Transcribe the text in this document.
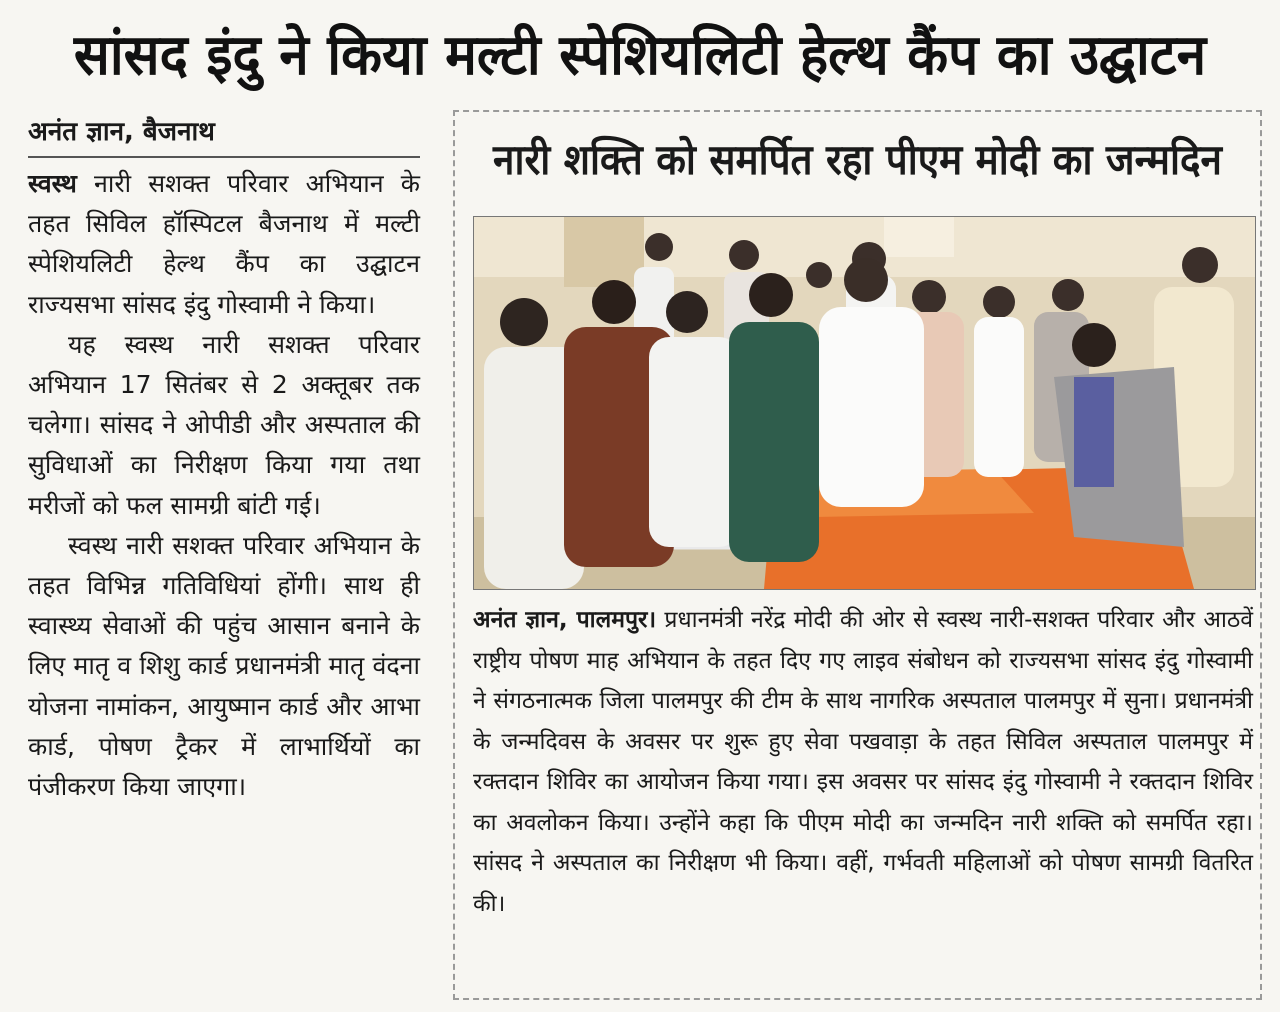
सांसद इंदु ने किया मल्टी स्पेशियलिटी हेल्थ कैंप का उद्घाटन
अनंत ज्ञान, बैजनाथ

स्वस्थ नारी सशक्त परिवार अभियान के तहत सिविल हॉस्पिटल बैजनाथ में मल्टी स्पेशियलिटी हेल्थ कैंप का उद्घाटन राज्यसभा सांसद इंदु गोस्वामी ने किया।

यह स्वस्थ नारी सशक्त परिवार अभियान 17 सितंबर से 2 अक्तूबर तक चलेगा। सांसद ने ओपीडी और अस्पताल की सुविधाओं का निरीक्षण किया गया तथा मरीजों को फल सामग्री बांटी गई।

स्वस्थ नारी सशक्त परिवार अभियान के तहत विभिन्न गतिविधियां होंगी। साथ ही स्वास्थ्य सेवाओं की पहुंच आसान बनाने के लिए मातृ व शिशु कार्ड प्रधानमंत्री मातृ वंदना योजना नामांकन, आयुष्मान कार्ड और आभा कार्ड, पोषण ट्रैकर में लाभार्थियों का पंजीकरण किया जाएगा।

नारी शक्ति को समर्पित रहा पीएम मोदी का जन्मदिन

अनंत ज्ञान, पालमपुर। प्रधानमंत्री नरेंद्र मोदी की ओर से स्वस्थ नारी-सशक्त परिवार और आठवें राष्ट्रीय पोषण माह अभियान के तहत दिए गए लाइव संबोधन को राज्यसभा सांसद इंदु गोस्वामी ने संगठनात्मक जिला पालमपुर की टीम के साथ नागरिक अस्पताल पालमपुर में सुना। प्रधानमंत्री के जन्मदिवस के अवसर पर शुरू हुए सेवा पखवाड़ा के तहत सिविल अस्पताल पालमपुर में रक्तदान शिविर का आयोजन किया गया। इस अवसर पर सांसद इंदु गोस्वामी ने रक्तदान शिविर का अवलोकन किया। उन्होंने कहा कि पीएम मोदी का जन्मदिन नारी शक्ति को समर्पित रहा। सांसद ने अस्पताल का निरीक्षण भी किया। वहीं, गर्भवती महिलाओं को पोषण सामग्री वितरित की।
